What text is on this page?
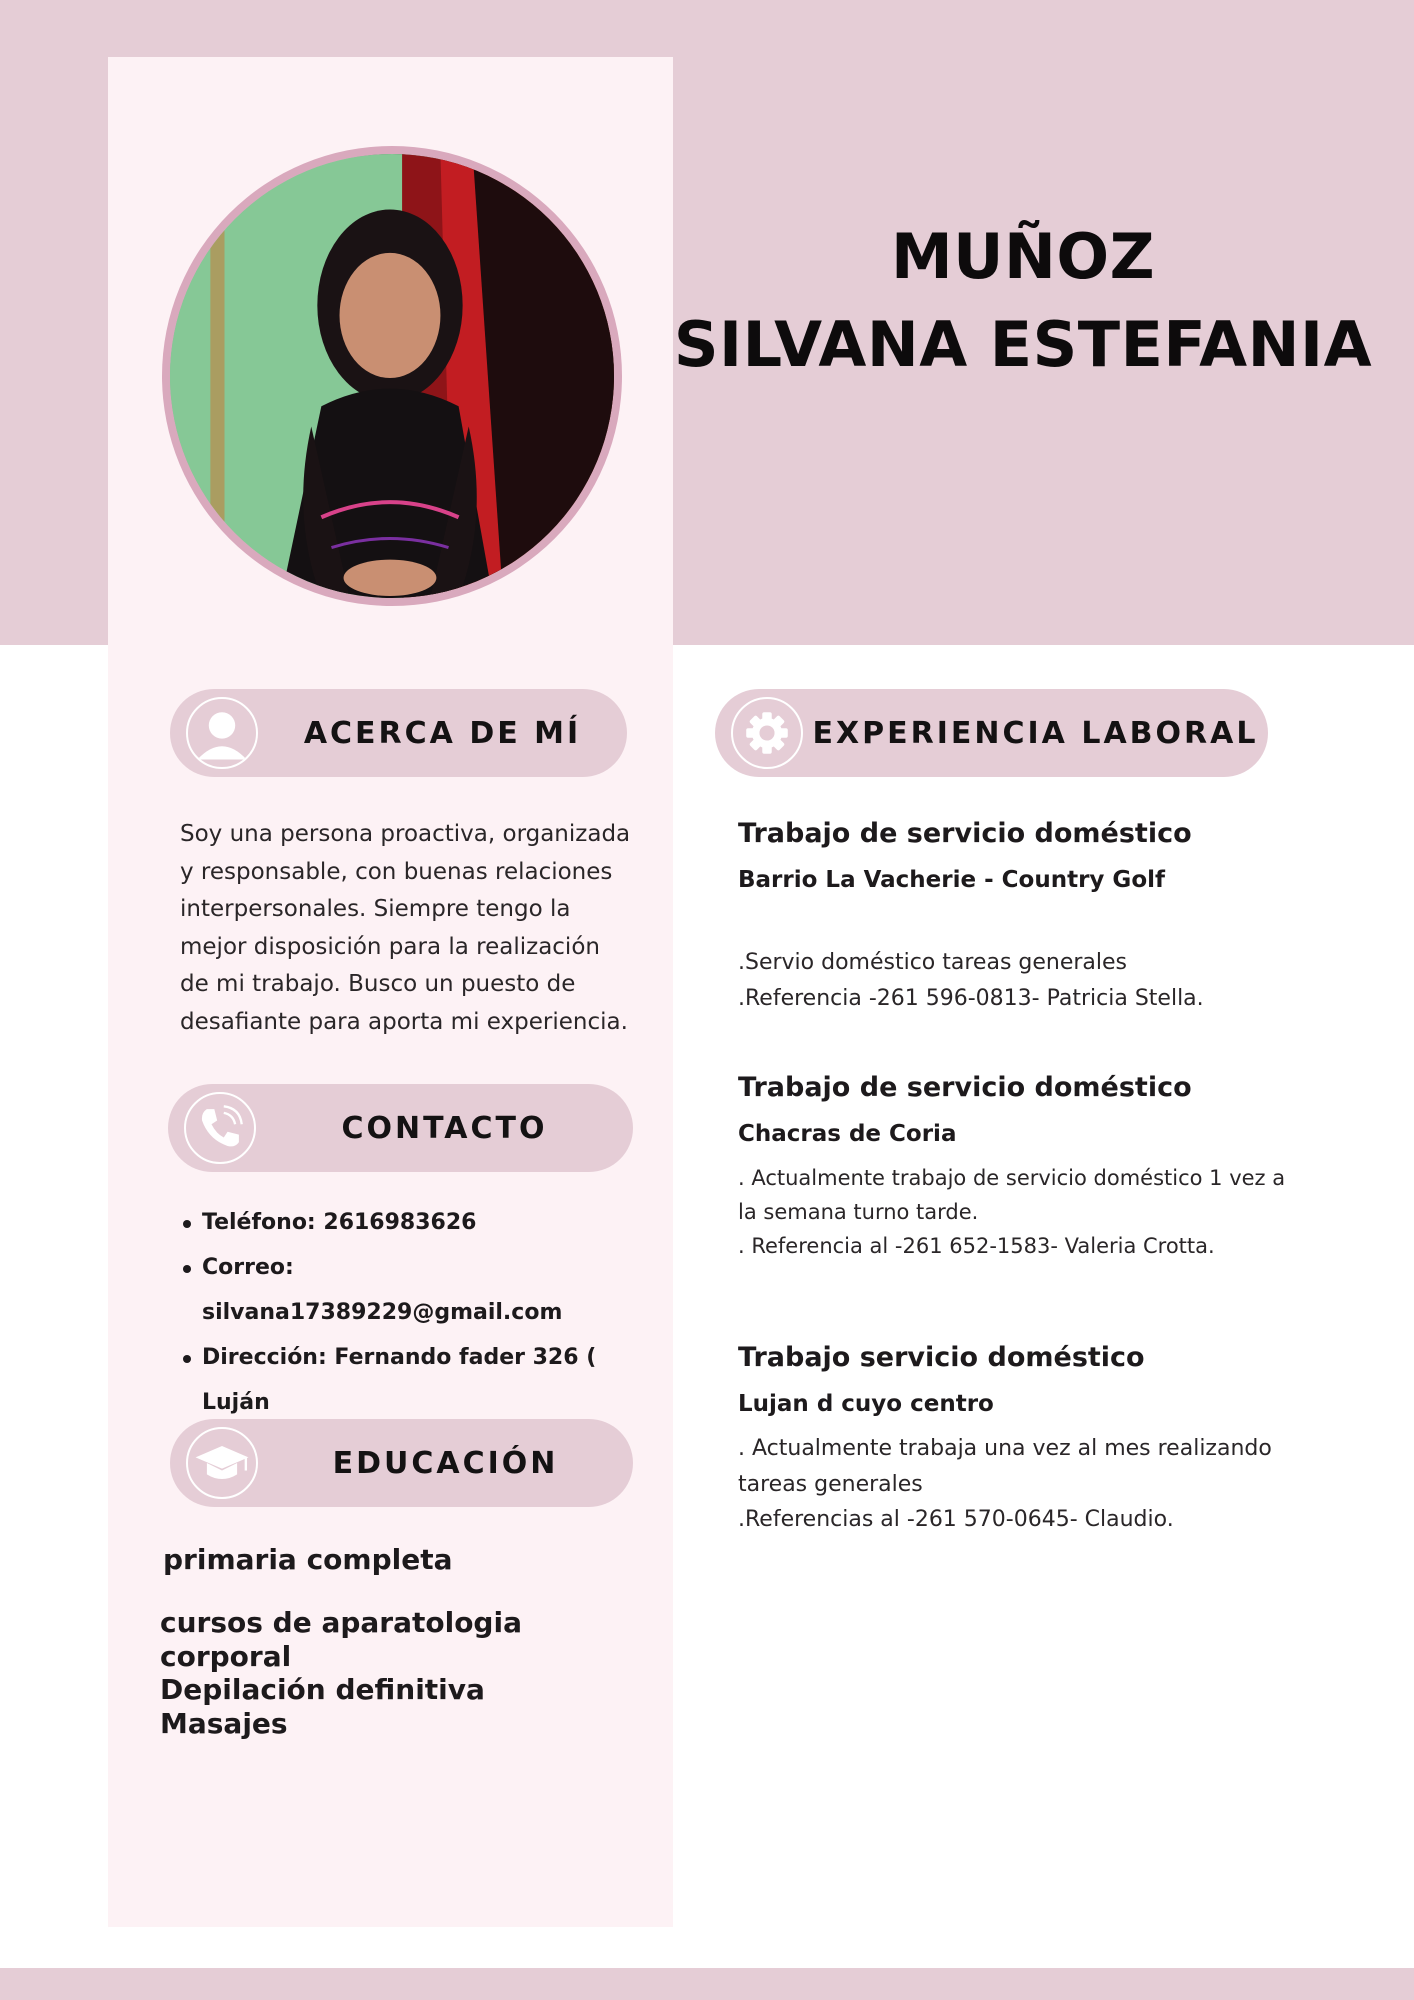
MUÑOZ
SILVANA ESTEFANIA
ACERCA DE MÍ
Soy una persona proactiva, organizada
y responsable, con buenas relaciones
interpersonales. Siempre tengo la
mejor disposición para la realización
de mi trabajo. Busco un puesto de
desafiante para aporta mi experiencia.
CONTACTO
Teléfono: 2616983626
Correo: silvana17389229@gmail.com
Dirección: Fernando fader 326 ( Luján
EDUCACIÓN
primaria completa
cursos de aparatologia
corporal
Depilación definitiva
Masajes
EXPERIENCIA LABORAL
Trabajo de servicio doméstico
Barrio La Vacherie - Country Golf
.Servio doméstico tareas generales
.Referencia -261 596-0813- Patricia Stella.
Trabajo de servicio doméstico
Chacras de Coria
. Actualmente trabajo de servicio doméstico 1 vez a
la semana turno tarde.
. Referencia al -261 652-1583- Valeria Crotta.
Trabajo servicio doméstico
Lujan d cuyo centro
. Actualmente trabaja una vez al mes realizando
tareas generales
.Referencias al -261 570-0645- Claudio.
